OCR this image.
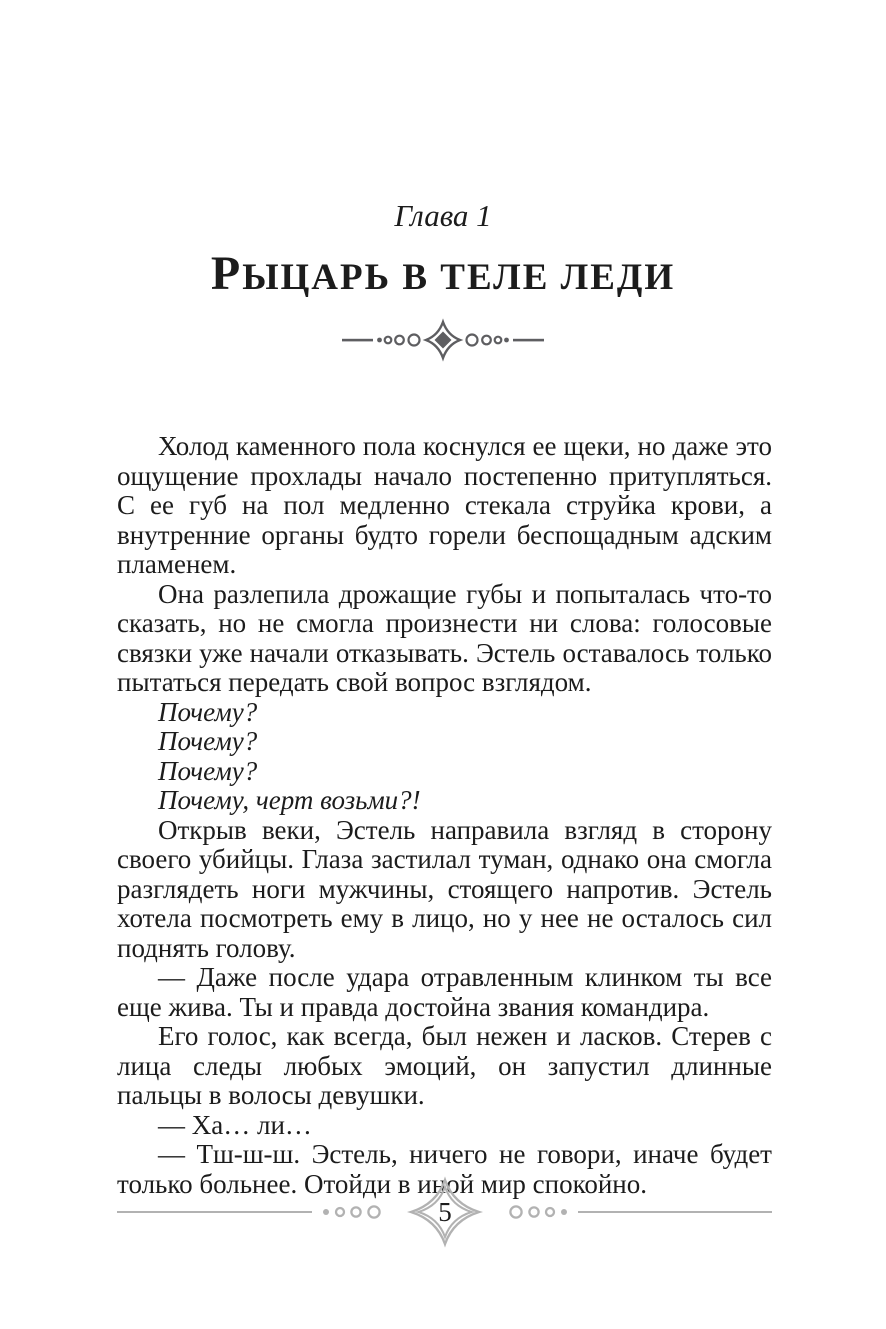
Глава 1
РЫЦАРЬ В ТЕЛЕ ЛЕДИ

Холод каменного пола коснулся ее щеки, но даже это ощущение прохлады начало постепенно притупляться. С ее губ на пол медленно стекала струйка крови, а внутренние органы будто горели беспощадным адским пламенем.

Она разлепила дрожащие губы и попыталась что-то сказать, но не смогла произнести ни слова: голосовые связки уже начали отказывать. Эстель оставалось только пытаться передать свой вопрос взглядом.

Почему?

Почему?

Почему?

Почему, черт возьми?!

Открыв веки, Эстель направила взгляд в сторону своего убийцы. Глаза застилал туман, однако она смогла разглядеть ноги мужчины, стоящего напротив. Эстель хотела посмотреть ему в лицо, но у нее не осталось сил поднять голову.

— Даже после удара отравленным клинком ты все еще жива. Ты и правда достойна звания командира.

Его голос, как всегда, был нежен и ласков. Стерев с лица следы любых эмоций, он запустил длинные пальцы в волосы девушки.

— Ха… ли…

— Тш-ш-ш. Эстель, ничего не говори, иначе будет только больнее. Отойди в иной мир спокойно.

5
